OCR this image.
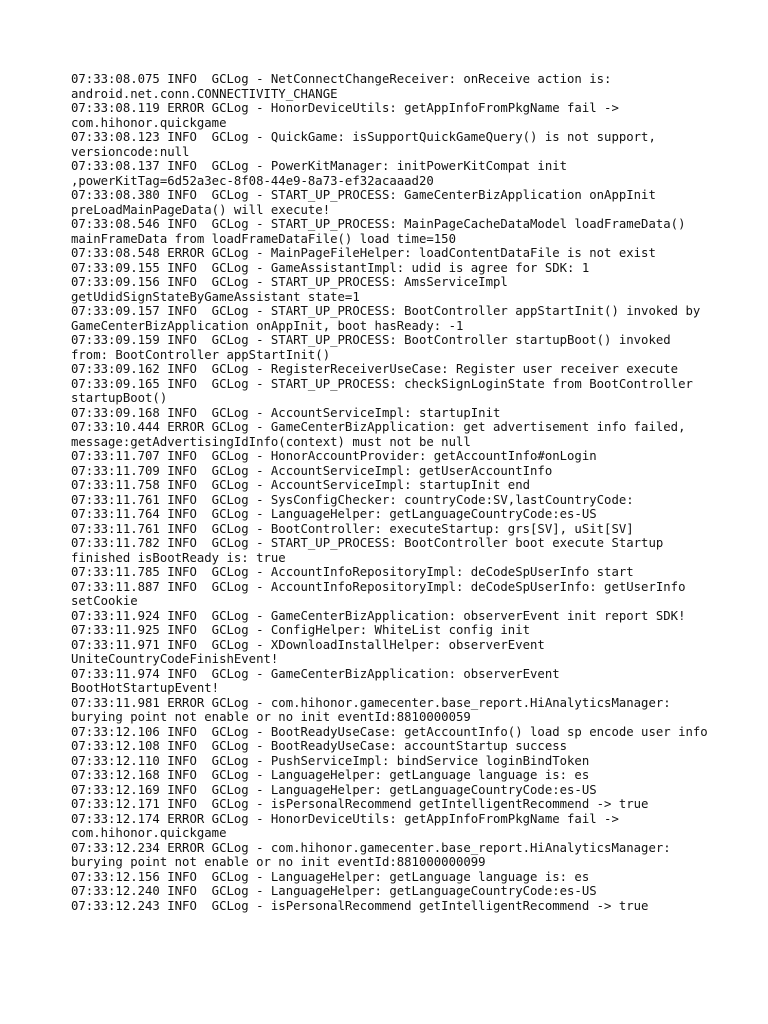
07:33:08.075 INFO  GCLog - NetConnectChangeReceiver: onReceive action is: android.net.conn.CONNECTIVITY_CHANGE
07:33:08.119 ERROR GCLog - HonorDeviceUtils: getAppInfoFromPkgName fail -> com.hihonor.quickgame
07:33:08.123 INFO  GCLog - QuickGame: isSupportQuickGameQuery() is not support, versioncode:null
07:33:08.137 INFO  GCLog - PowerKitManager: initPowerKitCompat init ,powerKitTag=6d52a3ec-8f08-44e9-8a73-ef32acaaad20
07:33:08.380 INFO  GCLog - START_UP_PROCESS: GameCenterBizApplication onAppInit preLoadMainPageData() will execute!
07:33:08.546 INFO  GCLog - START_UP_PROCESS: MainPageCacheDataModel loadFrameData() mainFrameData from loadFrameDataFile() load time=150
07:33:08.548 ERROR GCLog - MainPageFileHelper: loadContentDataFile is not exist
07:33:09.155 INFO  GCLog - GameAssistantImpl: udid is agree for SDK: 1
07:33:09.156 INFO  GCLog - START_UP_PROCESS: AmsServiceImpl getUdidSignStateByGameAssistant state=1
07:33:09.157 INFO  GCLog - START_UP_PROCESS: BootController appStartInit() invoked by GameCenterBizApplication onAppInit, boot hasReady: -1
07:33:09.159 INFO  GCLog - START_UP_PROCESS: BootController startupBoot() invoked from: BootController appStartInit()
07:33:09.162 INFO  GCLog - RegisterReceiverUseCase: Register user receiver execute
07:33:09.165 INFO  GCLog - START_UP_PROCESS: checkSignLoginState from BootController startupBoot()
07:33:09.168 INFO  GCLog - AccountServiceImpl: startupInit
07:33:10.444 ERROR GCLog - GameCenterBizApplication: get advertisement info failed, message:getAdvertisingIdInfo(context) must not be null
07:33:11.707 INFO  GCLog - HonorAccountProvider: getAccountInfo#onLogin
07:33:11.709 INFO  GCLog - AccountServiceImpl: getUserAccountInfo
07:33:11.758 INFO  GCLog - AccountServiceImpl: startupInit end
07:33:11.761 INFO  GCLog - SysConfigChecker: countryCode:SV,lastCountryCode:
07:33:11.764 INFO  GCLog - LanguageHelper: getLanguageCountryCode:es-US
07:33:11.761 INFO  GCLog - BootController: executeStartup: grs[SV], uSit[SV]
07:33:11.782 INFO  GCLog - START_UP_PROCESS: BootController boot execute Startup finished isBootReady is: true
07:33:11.785 INFO  GCLog - AccountInfoRepositoryImpl: deCodeSpUserInfo start
07:33:11.887 INFO  GCLog - AccountInfoRepositoryImpl: deCodeSpUserInfo: getUserInfo setCookie
07:33:11.924 INFO  GCLog - GameCenterBizApplication: observerEvent init report SDK!
07:33:11.925 INFO  GCLog - ConfigHelper: WhiteList config init
07:33:11.971 INFO  GCLog - XDownloadInstallHelper: observerEvent UniteCountryCodeFinishEvent!
07:33:11.974 INFO  GCLog - GameCenterBizApplication: observerEvent BootHotStartupEvent!
07:33:11.981 ERROR GCLog - com.hihonor.gamecenter.base_report.HiAnalyticsManager: burying point not enable or no init eventId:8810000059
07:33:12.106 INFO  GCLog - BootReadyUseCase: getAccountInfo() load sp encode user info
07:33:12.108 INFO  GCLog - BootReadyUseCase: accountStartup success
07:33:12.110 INFO  GCLog - PushServiceImpl: bindService loginBindToken
07:33:12.168 INFO  GCLog - LanguageHelper: getLanguage language is: es
07:33:12.169 INFO  GCLog - LanguageHelper: getLanguageCountryCode:es-US
07:33:12.171 INFO  GCLog - isPersonalRecommend getIntelligentRecommend -> true
07:33:12.174 ERROR GCLog - HonorDeviceUtils: getAppInfoFromPkgName fail -> com.hihonor.quickgame
07:33:12.234 ERROR GCLog - com.hihonor.gamecenter.base_report.HiAnalyticsManager: burying point not enable or no init eventId:881000000099
07:33:12.156 INFO  GCLog - LanguageHelper: getLanguage language is: es
07:33:12.240 INFO  GCLog - LanguageHelper: getLanguageCountryCode:es-US
07:33:12.243 INFO  GCLog - isPersonalRecommend getIntelligentRecommend -> true
